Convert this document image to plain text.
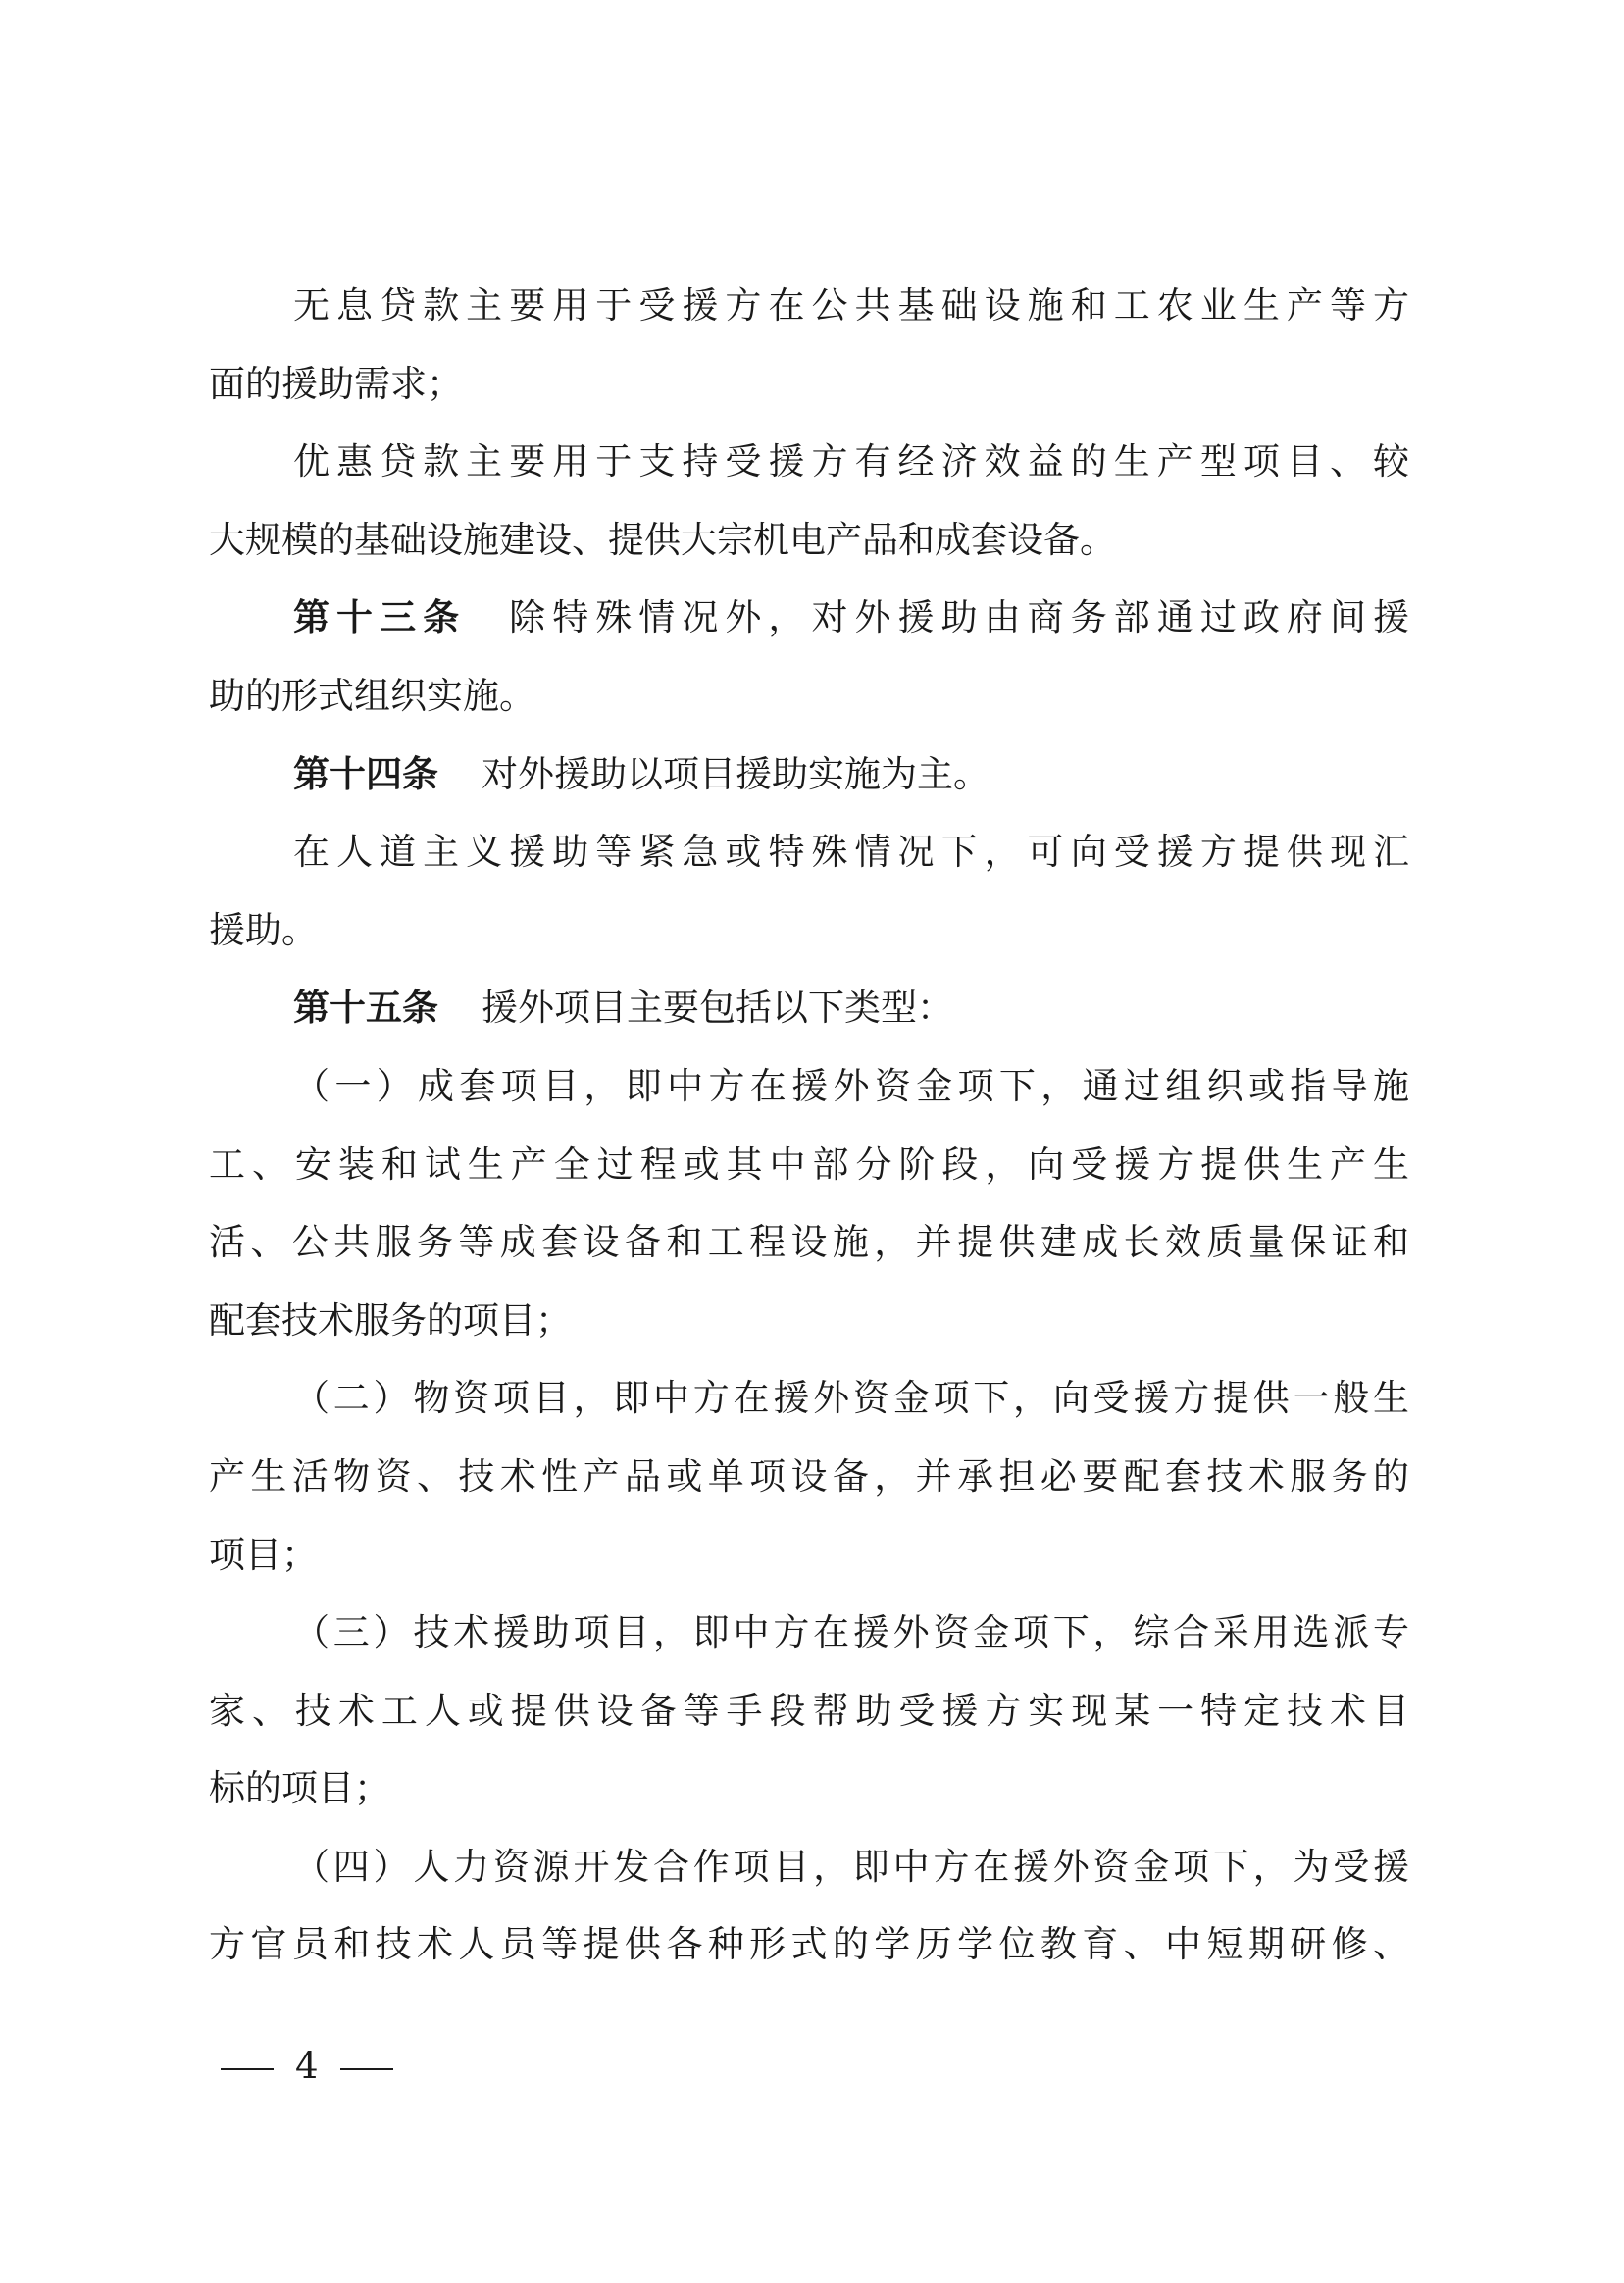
无息贷款主要用于受援方在公共基础设施和工农业生产等方
面的援助需求；
优惠贷款主要用于支持受援方有经济效益的生产型项目、较
大规模的基础设施建设、提供大宗机电产品和成套设备。
第十三条 除特殊情况外，对外援助由商务部通过政府间援
助的形式组织实施。
第十四条 对外援助以项目援助实施为主。
在人道主义援助等紧急或特殊情况下，可向受援方提供现汇
援助。
第十五条 援外项目主要包括以下类型：
（一）成套项目，即中方在援外资金项下，通过组织或指导施
工、安装和试生产全过程或其中部分阶段，向受援方提供生产生
活、公共服务等成套设备和工程设施，并提供建成长效质量保证和
配套技术服务的项目；
（二）物资项目，即中方在援外资金项下，向受援方提供一般生
产生活物资、技术性产品或单项设备，并承担必要配套技术服务的
项目；
（三）技术援助项目，即中方在援外资金项下，综合采用选派专
家、技术工人或提供设备等手段帮助受援方实现某一特定技术目
标的项目；
（四）人力资源开发合作项目，即中方在援外资金项下，为受援
方官员和技术人员等提供各种形式的学历学位教育、中短期研修、
4
